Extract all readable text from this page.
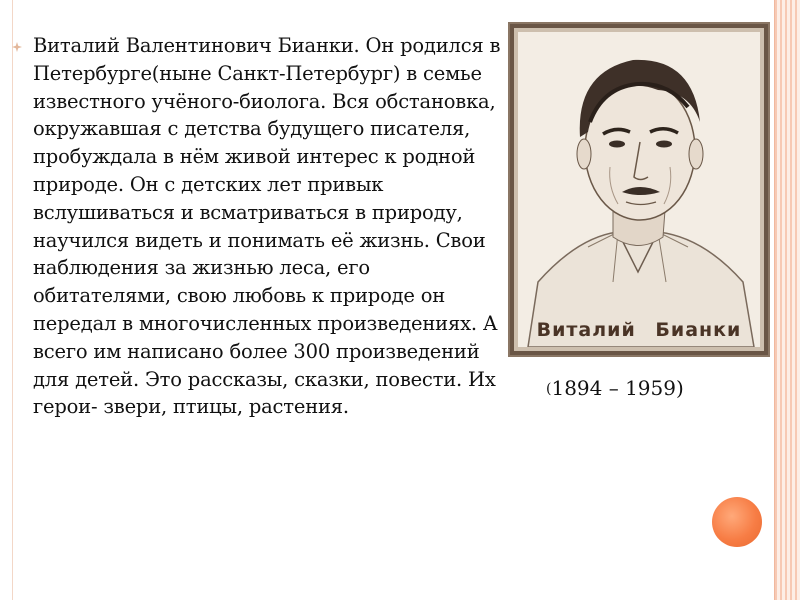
Виталий Валентинович Бианки. Он родился в Петербурге(ныне Санкт-Петербург) в семье известного учёного-биолога. Вся обстановка, окружавшая с детства будущего писателя, пробуждала в нём живой интерес к родной природе. Он с детских лет привык вслушиваться и всматриваться в природу, научился видеть и понимать её жизнь. Свои наблюдения за жизнью леса, его обитателями, свою любовь к природе он передал в многочисленных произведениях. А всего им написано более 300 произведений для детей. Это рассказы, сказки, повести. Их герои- звери, птицы, растения.

Виталий Бианки
(1894 – 1959)
